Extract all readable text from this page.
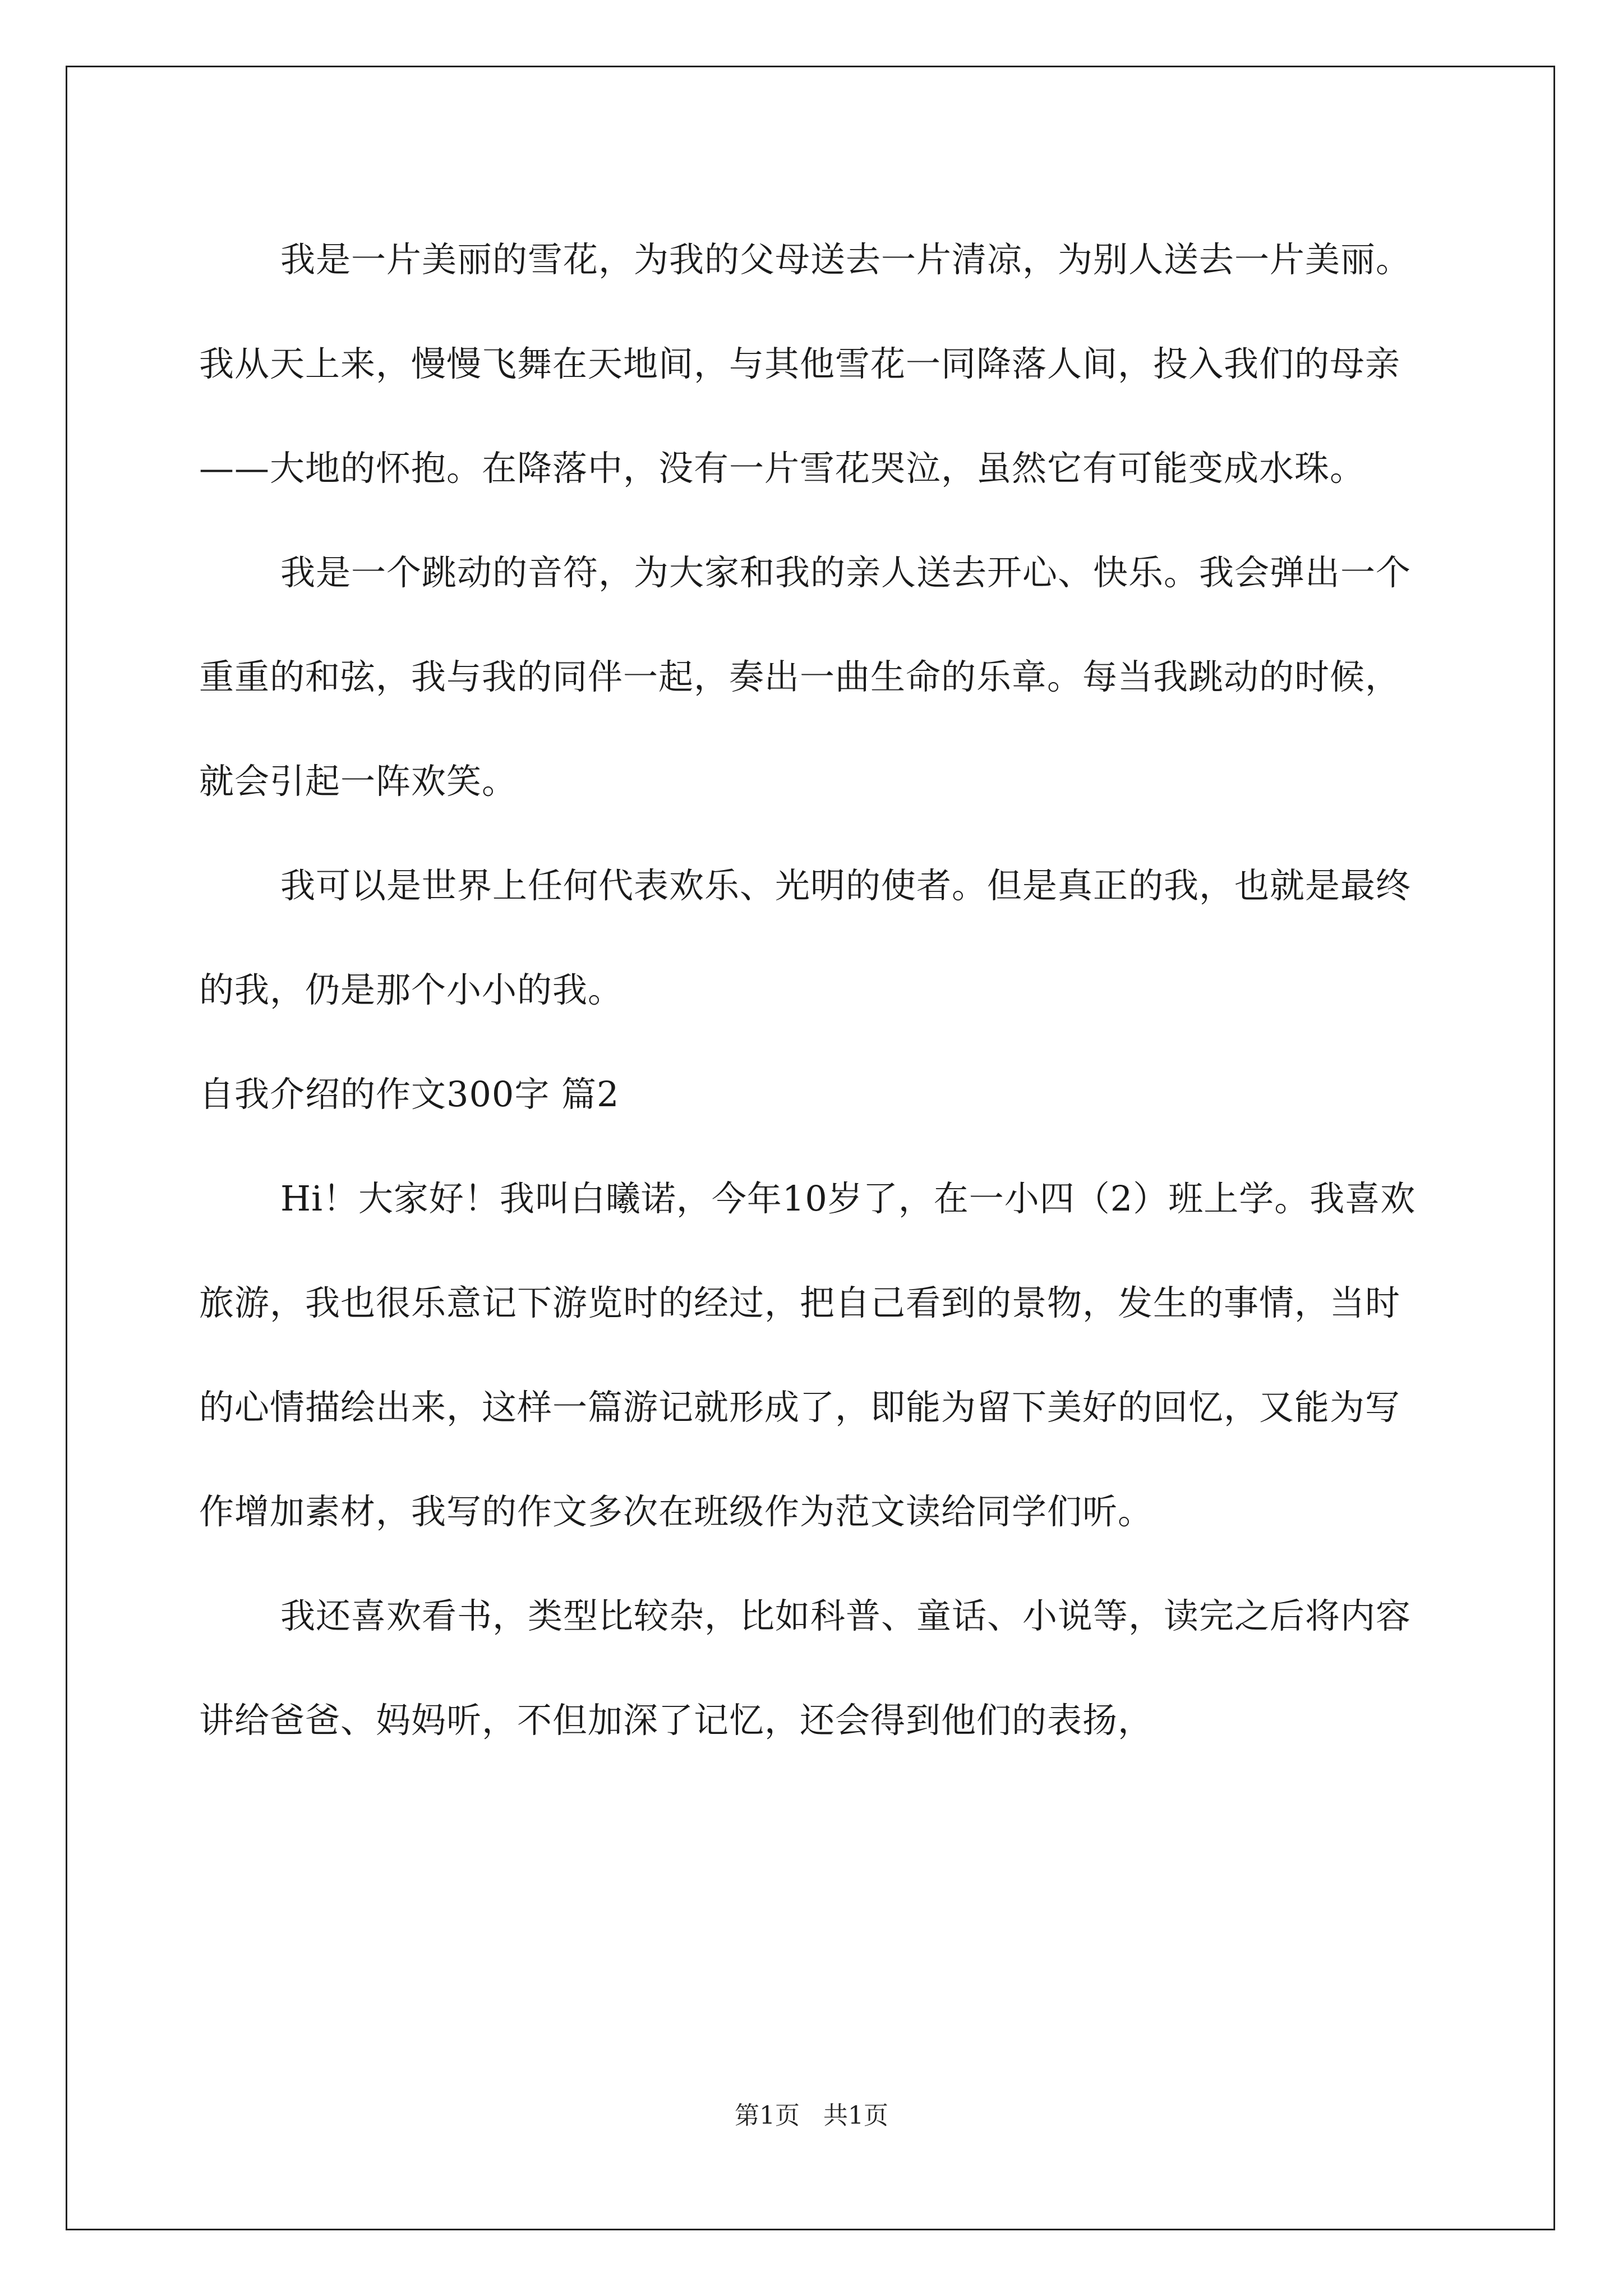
我是一片美丽的雪花，为我的父母送去一片清凉，为别人送去一片美丽。我从天上来，慢慢飞舞在天地间，与其他雪花一同降落人间，投入我们的母亲——大地的怀抱。在降落中，没有一片雪花哭泣，虽然它有可能变成水珠。

我是一个跳动的音符，为大家和我的亲人送去开心、快乐。我会弹出一个重重的和弦，我与我的同伴一起，奏出一曲生命的乐章。每当我跳动的时候，就会引起一阵欢笑。

我可以是世界上任何代表欢乐、光明的使者。但是真正的我，也就是最终的我，仍是那个小小的我。

自我介绍的作文300字 篇2

Hi！大家好！我叫白曦诺，今年10岁了，在一小四（2）班上学。我喜欢旅游，我也很乐意记下游览时的经过，把自己看到的景物，发生的事情，当时的心情描绘出来，这样一篇游记就形成了，即能为留下美好的回忆，又能为写作增加素材，我写的作文多次在班级作为范文读给同学们听。

我还喜欢看书，类型比较杂，比如科普、童话、小说等，读完之后将内容讲给爸爸、妈妈听，不但加深了记忆，还会得到他们的表扬，

第1页   共1页
